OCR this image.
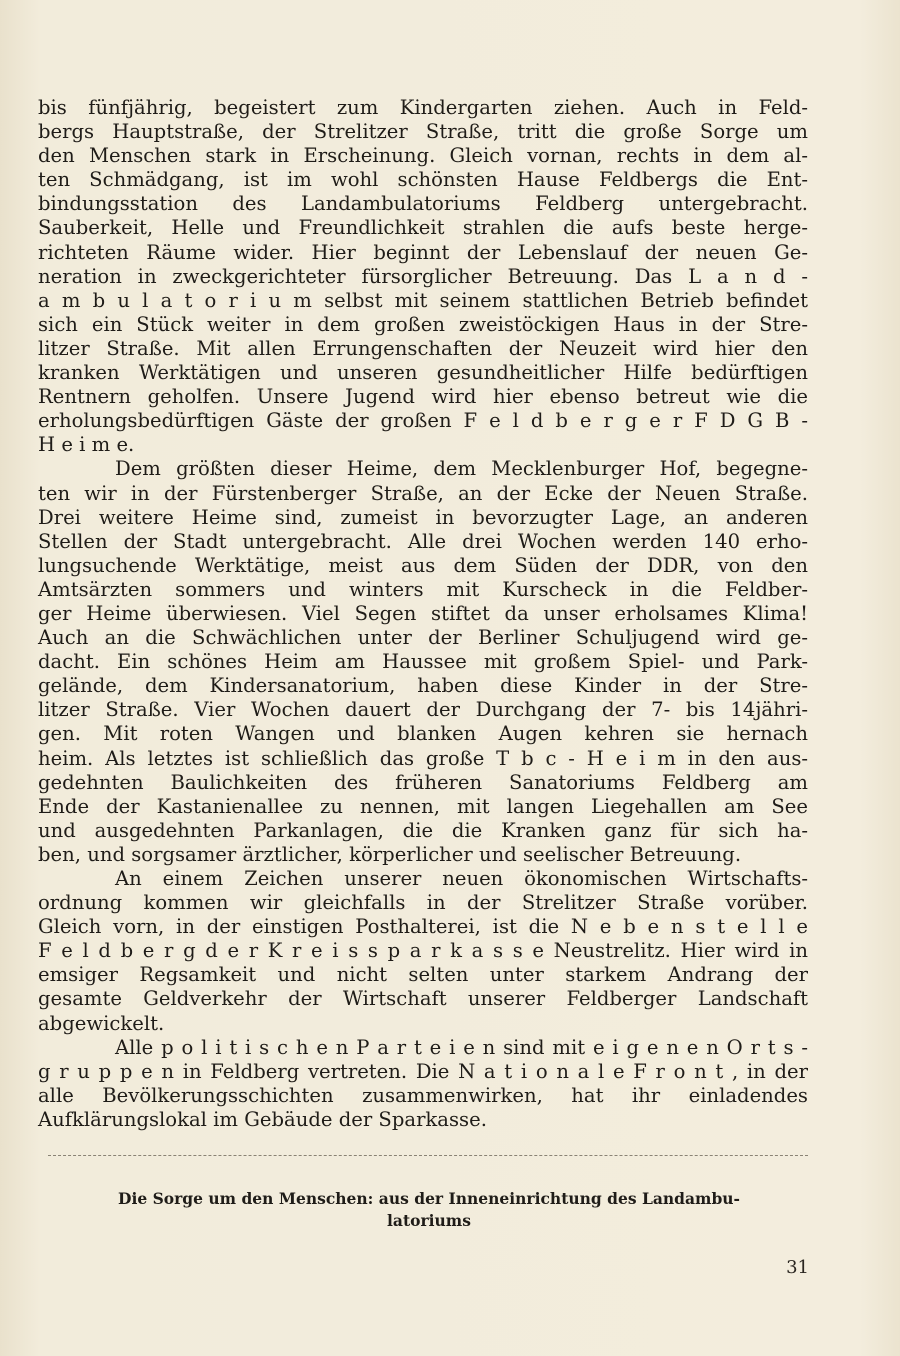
bis fünfjährig, begeistert zum Kindergarten ziehen. Auch in Feld-
bergs Hauptstraße, der Strelitzer Straße, tritt die große Sorge um
den Menschen stark in Erscheinung. Gleich vornan, rechts in dem al-
ten Schmädgang, ist im wohl schönsten Hause Feldbergs die Ent-
bindungsstation des Landambulatoriums Feldberg untergebracht.
Sauberkeit, Helle und Freundlichkeit strahlen die aufs beste herge-
richteten Räume wider. Hier beginnt der Lebenslauf der neuen Ge-
neration in zweckgerichteter fürsorglicher Betreuung. Das L a n d -
a m b u l a t o r i u m selbst mit seinem stattlichen Betrieb befindet
sich ein Stück weiter in dem großen zweistöckigen Haus in der Stre-
litzer Straße. Mit allen Errungenschaften der Neuzeit wird hier den
kranken Werktätigen und unseren gesundheitlicher Hilfe bedürftigen
Rentnern geholfen. Unsere Jugend wird hier ebenso betreut wie die
erholungsbedürftigen Gäste der großen F e l d b e r g e r F D G B -
H e i m e.
Dem größten dieser Heime, dem Mecklenburger Hof, begegne-
ten wir in der Fürstenberger Straße, an der Ecke der Neuen Straße.
Drei weitere Heime sind, zumeist in bevorzugter Lage, an anderen
Stellen der Stadt untergebracht. Alle drei Wochen werden 140 erho-
lungsuchende Werktätige, meist aus dem Süden der DDR, von den
Amtsärzten sommers und winters mit Kurscheck in die Feldber-
ger Heime überwiesen. Viel Segen stiftet da unser erholsames Klima!
Auch an die Schwächlichen unter der Berliner Schuljugend wird ge-
dacht. Ein schönes Heim am Haussee mit großem Spiel- und Park-
gelände, dem Kindersanatorium, haben diese Kinder in der Stre-
litzer Straße. Vier Wochen dauert der Durchgang der 7- bis 14jähri-
gen. Mit roten Wangen und blanken Augen kehren sie hernach
heim. Als letztes ist schließlich das große T b c - H e i m in den aus-
gedehnten Baulichkeiten des früheren Sanatoriums Feldberg am
Ende der Kastanienallee zu nennen, mit langen Liegehallen am See
und ausgedehnten Parkanlagen, die die Kranken ganz für sich ha-
ben, und sorgsamer ärztlicher, körperlicher und seelischer Betreuung.
An einem Zeichen unserer neuen ökonomischen Wirtschafts-
ordnung kommen wir gleichfalls in der Strelitzer Straße vorüber.
Gleich vorn, in der einstigen Posthalterei, ist die N e b e n s t e l l e
F e l d b e r g d e r K r e i s s p a r k a s s e Neustrelitz. Hier wird in
emsiger Regsamkeit und nicht selten unter starkem Andrang der
gesamte Geldverkehr der Wirtschaft unserer Feldberger Landschaft
abgewickelt.
Alle p o l i t i s c h e n P a r t e i e n sind mit e i g e n e n O r t s -
g r u p p e n in Feldberg vertreten. Die N a t i o n a l e F r o n t , in der
alle Bevölkerungsschichten zusammenwirken, hat ihr einladendes
Aufklärungslokal im Gebäude der Sparkasse.
Die Sorge um den Menschen: aus der Inneneinrichtung des Landambu-
latoriums
31
